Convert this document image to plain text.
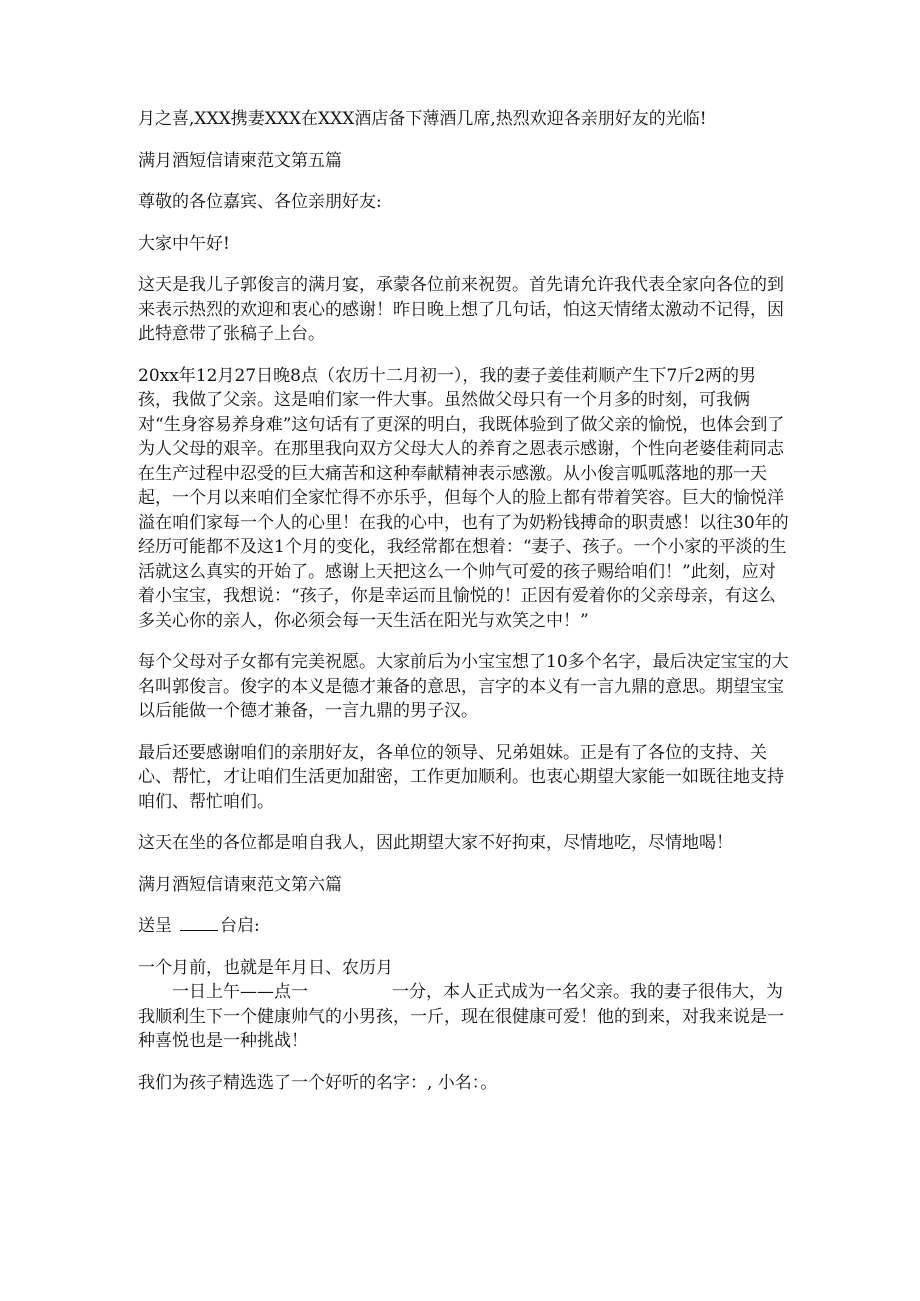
月之喜,XXX携妻XXX在XXX酒店备下薄酒几席,热烈欢迎各亲朋好友的光临!

满月酒短信请柬范文第五篇

尊敬的各位嘉宾、各位亲朋好友:

大家中午好!

这天是我儿子郭俊言的满月宴，承蒙各位前来祝贺。首先请允许我代表全家向各位的到来表示热烈的欢迎和衷心的感谢！昨日晚上想了几句话，怕这天情绪太激动不记得，因此特意带了张稿子上台。

20xx年12月27日晚8点（农历十二月初一），我的妻子姜佳莉顺产生下7斤2两的男孩，我做了父亲。这是咱们家一件大事。虽然做父母只有一个月多的时刻，可我俩对“生身容易养身难”这句话有了更深的明白，我既体验到了做父亲的愉悦，也体会到了为人父母的艰辛。在那里我向双方父母大人的养育之恩表示感谢，个性向老婆佳莉同志在生产过程中忍受的巨大痛苦和这种奉献精神表示感激。从小俊言呱呱落地的那一天起，一个月以来咱们全家忙得不亦乐乎，但每个人的脸上都有带着笑容。巨大的愉悦洋溢在咱们家每一个人的心里！在我的心中，也有了为奶粉钱搏命的职责感！以往30年的经历可能都不及这1个月的变化，我经常都在想着：“妻子、孩子。一个小家的平淡的生活就这么真实的开始了。感谢上天把这么一个帅气可爱的孩子赐给咱们！”此刻，应对着小宝宝，我想说：“孩子，你是幸运而且愉悦的！正因有爱着你的父亲母亲，有这么多关心你的亲人，你必须会每一天生活在阳光与欢笑之中！”

每个父母对子女都有完美祝愿。大家前后为小宝宝想了10多个名字，最后决定宝宝的大名叫郭俊言。俊字的本义是德才兼备的意思，言字的本义有一言九鼎的意思。期望宝宝以后能做一个德才兼备，一言九鼎的男子汉。

最后还要感谢咱们的亲朋好友，各单位的领导、兄弟姐妹。正是有了各位的支持、关心、帮忙，才让咱们生活更加甜密，工作更加顺利。也衷心期望大家能一如既往地支持咱们、帮忙咱们。

这天在坐的各位都是咱自我人，因此期望大家不好拘束，尽情地吃，尽情地喝！

满月酒短信请柬范文第六篇

送呈	台启:

一个月前，也就是年月日、农历月
一日上午——点一	一分，本人正式成为一名父亲。我的妻子很伟大，为我顺利生下一个健康帅气的小男孩，一斤，现在很健康可爱！他的到来，对我来说是一种喜悦也是一种挑战！

我们为孩子精选选了一个好听的名字：, 小名：。
